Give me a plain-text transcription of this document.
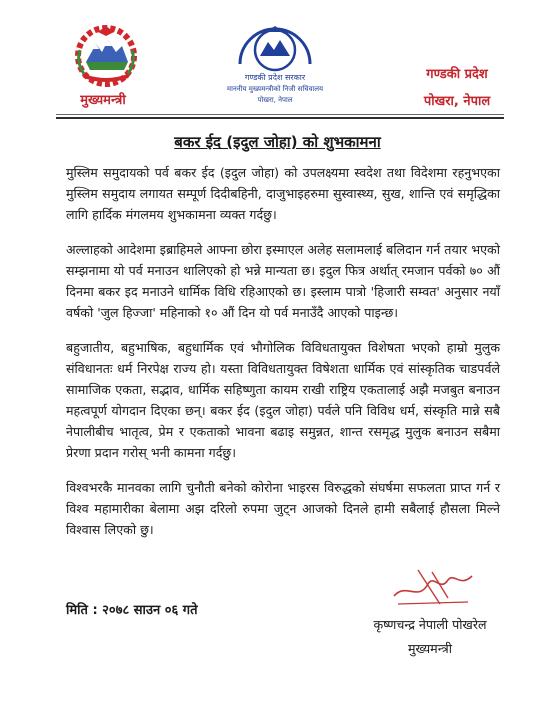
मुख्यमन्त्री
गण्डकी प्रदेश सरकार
माननीय मुख्यमन्त्रीको निजी सचिवालय
पोखरा, नेपाल
गण्डकी प्रदेश
पोखरा, नेपाल
बकर ईद (इदुल जोहा) को शुभकामना

मुस्लिम समुदायको पर्व बकर ईद (इदुल जोहा) को उपलक्ष्यमा स्वदेश तथा विदेशमा रहनुभएका मुस्लिम समुदाय लगायत सम्पूर्ण दिदीबहिनी, दाजुभाइहरुमा सुस्वास्थ्य, सुख, शान्ति एवं समृद्धिका लागि हार्दिक मंगलमय शुभकामना व्यक्त गर्दछु।

अल्लाहको आदेशमा इब्राहिमले आफ्ना छोरा इस्माएल अलेह सलामलाई बलिदान गर्न तयार भएको सम्झनामा यो पर्व मनाउन थालिएको हो भन्ने मान्यता छ। इदुल फित्र अर्थात् रमजान पर्वको ७० औं दिनमा बकर इद मनाउने धार्मिक विधि रहिआएको छ। इस्लाम पात्रो 'हिजारी सम्वत' अनुसार नयाँ वर्षको 'जुल हिज्जा' महिनाको १० औं दिन यो पर्व मनाउँदै आएको पाइन्छ।

बहुजातीय, बहुभाषिक, बहुधार्मिक एवं भौगोलिक विविधतायुक्त विशेषता भएको हाम्रो मुलुक संविधानतः धर्म निरपेक्ष राज्य हो। यस्ता विविधतायुक्त विषेशता धार्मिक एवं सांस्कृतिक चाडपर्वले सामाजिक एकता, सद्भाव, धार्मिक सहिष्णुता कायम राखी राष्ट्रिय एकतालाई अझै मजबुत बनाउन महत्वपूर्ण योगदान दिएका छन्। बकर ईद (इदुल जोहा) पर्वले पनि विविध धर्म, संस्कृति मान्ने सबै नेपालीबीच भातृत्व, प्रेम र एकताको भावना बढाइ समुन्नत, शान्त रसमृद्ध मुलुक बनाउन सबैमा प्रेरणा प्रदान गरोस् भनी कामना गर्दछु।

विश्वभरकै मानवका लागि चुनौती बनेको कोरोना भाइरस विरुद्धको संघर्षमा सफलता प्राप्त गर्न र विश्व महामारीका बेलामा अझ दरिलो रुपमा जुट्न आजको दिनले हामी सबैलाई हौसला मिल्ने विश्वास लिएको छु।

मिति : २०७८ साउन ०६ गते
कृष्णचन्द्र नेपाली पोखरेल
मुख्यमन्त्री
